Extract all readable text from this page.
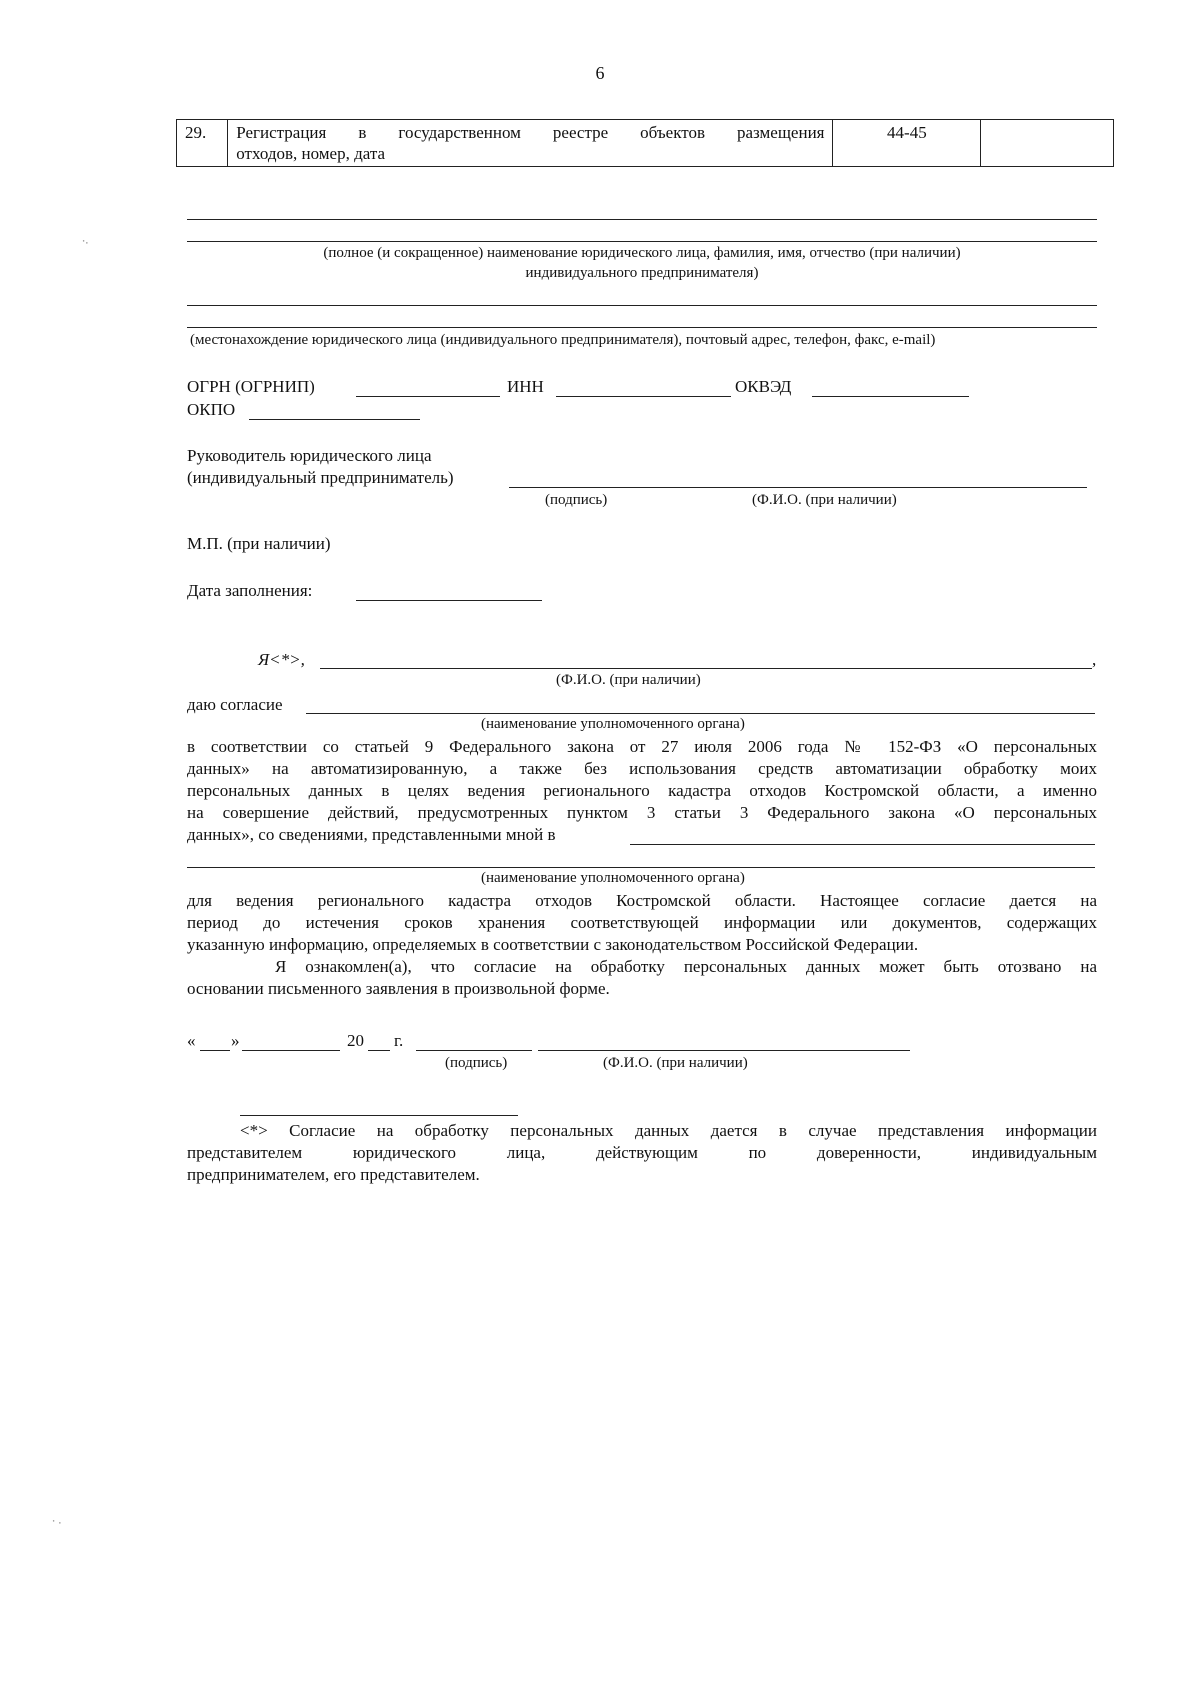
6
29.	Регистрация в государственном реестре объектов размещения
отходов, номер, дата
	44-45	
(полное (и сокращенное) наименование юридического лица, фамилия, имя, отчество (при наличии)
индивидуального предпринимателя)
(местонахождение юридического лица (индивидуального предпринимателя), почтовый адрес, телефон, факс, e-mail)
ОГРН (ОГРНИП)	ИНН	ОКВЭД
ОКПО
Руководитель юридического лица
(индивидуальный предприниматель)
(подпись)	(Ф.И.О. (при наличии)
М.П. (при наличии)
Дата заполнения:
Я<*>,	,
(Ф.И.О. (при наличии)
даю согласие
(наименование уполномоченного органа)
в соответствии со статьей 9 Федерального закона от 27 июля 2006 года № 152-ФЗ «О персональных
данных» на автоматизированную, а также без использования средств автоматизации обработку моих
персональных данных в целях ведения регионального кадастра отходов Костромской области, а именно
на совершение действий, предусмотренных пунктом 3 статьи 3 Федерального закона «О персональных
данных», со сведениями, представленными мной в
(наименование уполномоченного органа)
для ведения регионального кадастра отходов Костромской области. Настоящее согласие дается на
период до истечения сроков хранения соответствующей информации или документов, содержащих
указанную информацию, определяемых в соответствии с законодательством Российской Федерации.
Я ознакомлен(а), что согласие на обработку персональных данных может быть отозвано на
основании письменного заявления в произвольной форме.
« »	20 г.
(подпись)	(Ф.И.О. (при наличии)
<*> Согласие на обработку персональных данных дается в случае представления информации
представителем юридического лица, действующим по доверенности, индивидуальным
предпринимателем, его представителем.
⸱⸳
⸱ ⸳
